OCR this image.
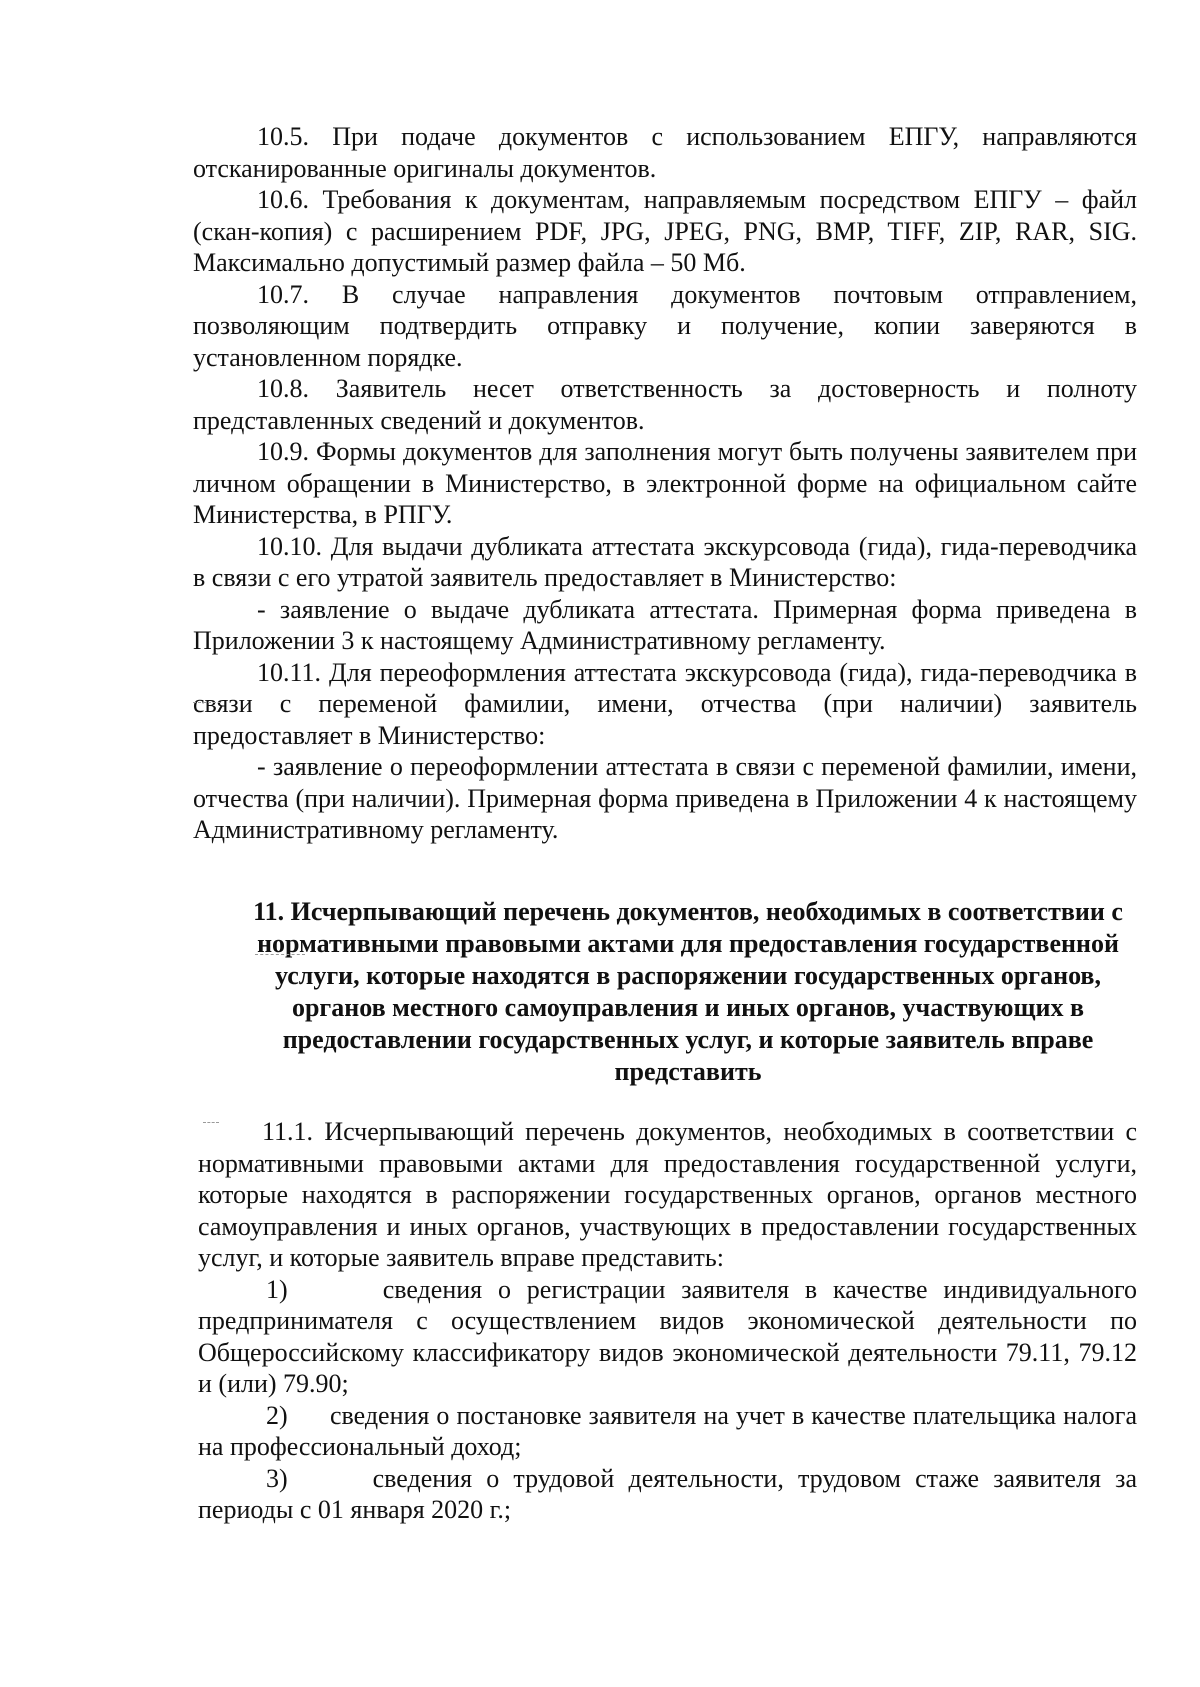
10.5. При подаче документов с использованием ЕПГУ, направляются отсканированные оригиналы документов.

10.6. Требования к документам, направляемым посредством ЕПГУ – файл (скан-копия) с расширением PDF, JPG, JPEG, PNG, BMP, TIFF, ZIP, RAR, SIG. Максимально допустимый размер файла – 50 Мб.

10.7. В случае направления документов почтовым отправлением, позволяющим подтвердить отправку и получение, копии заверяются в установленном порядке.

10.8. Заявитель несет ответственность за достоверность и полноту представленных сведений и документов.

10.9. Формы документов для заполнения могут быть получены заявителем при личном обращении в Министерство, в электронной форме на официальном сайте Министерства, в РПГУ.

10.10. Для выдачи дубликата аттестата экскурсовода (гида), гида-переводчика в связи с его утратой заявитель предоставляет в Министерство:

- заявление о выдаче дубликата аттестата. Примерная форма приведена в Приложении 3 к настоящему Административному регламенту.

10.11. Для переоформления аттестата экскурсовода (гида), гида-переводчика в связи с переменой фамилии, имени, отчества (при наличии) заявитель предоставляет в Министерство:

- заявление о переоформлении аттестата в связи с переменой фамилии, имени, отчества (при наличии). Примерная форма приведена в Приложении 4 к настоящему Административному регламенту.

11. Исчерпывающий перечень документов, необходимых в соответствии с нормативными правовыми актами для предоставления государственной услуги, которые находятся в распоряжении государственных органов, органов местного самоуправления и иных органов, участвующих в предоставлении государственных услуг, и которые заявитель вправе представить

11.1. Исчерпывающий перечень документов, необходимых в соответствии с нормативными правовыми актами для предоставления государственной услуги, которые находятся в распоряжении государственных органов, органов местного самоуправления и иных органов, участвующих в предоставлении государственных услуг, и которые заявитель вправе представить:

1)      сведения о регистрации заявителя в качестве индивидуального предпринимателя с осуществлением видов экономической деятельности по Общероссийскому классификатору видов экономической деятельности 79.11, 79.12 и (или) 79.90;

2)      сведения о постановке заявителя на учет в качестве плательщика налога на профессиональный доход;

3)      сведения о трудовой деятельности, трудовом стаже заявителя за периоды с 01 января 2020 г.;
